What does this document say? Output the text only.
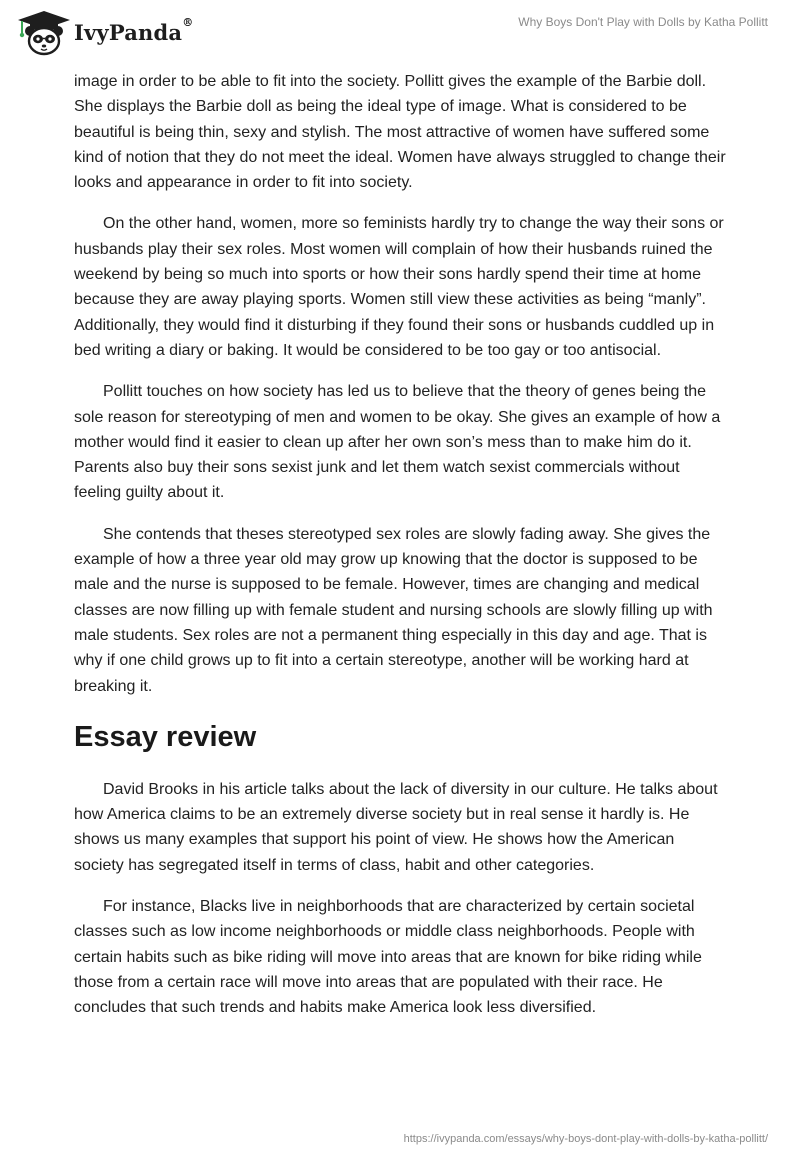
IvyPanda®	Why Boys Don't Play with Dolls by Katha Pollitt

image in order to be able to fit into the society. Pollitt gives the example of the Barbie doll. She displays the Barbie doll as being the ideal type of image. What is considered to be beautiful is being thin, sexy and stylish. The most attractive of women have suffered some kind of notion that they do not meet the ideal. Women have always struggled to change their looks and appearance in order to fit into society.

On the other hand, women, more so feminists hardly try to change the way their sons or husbands play their sex roles. Most women will complain of how their husbands ruined the weekend by being so much into sports or how their sons hardly spend their time at home because they are away playing sports. Women still view these activities as being “manly”. Additionally, they would find it disturbing if they found their sons or husbands cuddled up in bed writing a diary or baking. It would be considered to be too gay or too antisocial.

Pollitt touches on how society has led us to believe that the theory of genes being the sole reason for stereotyping of men and women to be okay. She gives an example of how a mother would find it easier to clean up after her own son’s mess than to make him do it. Parents also buy their sons sexist junk and let them watch sexist commercials without feeling guilty about it.

She contends that theses stereotyped sex roles are slowly fading away. She gives the example of how a three year old may grow up knowing that the doctor is supposed to be male and the nurse is supposed to be female. However, times are changing and medical classes are now filling up with female student and nursing schools are slowly filling up with male students. Sex roles are not a permanent thing especially in this day and age. That is why if one child grows up to fit into a certain stereotype, another will be working hard at breaking it.

Essay review

David Brooks in his article talks about the lack of diversity in our culture. He talks about how America claims to be an extremely diverse society but in real sense it hardly is. He shows us many examples that support his point of view. He shows how the American society has segregated itself in terms of class, habit and other categories.

For instance, Blacks live in neighborhoods that are characterized by certain societal classes such as low income neighborhoods or middle class neighborhoods. People with certain habits such as bike riding will move into areas that are known for bike riding while those from a certain race will move into areas that are populated with their race. He concludes that such trends and habits make America look less diversified.

https://ivypanda.com/essays/why-boys-dont-play-with-dolls-by-katha-pollitt/
